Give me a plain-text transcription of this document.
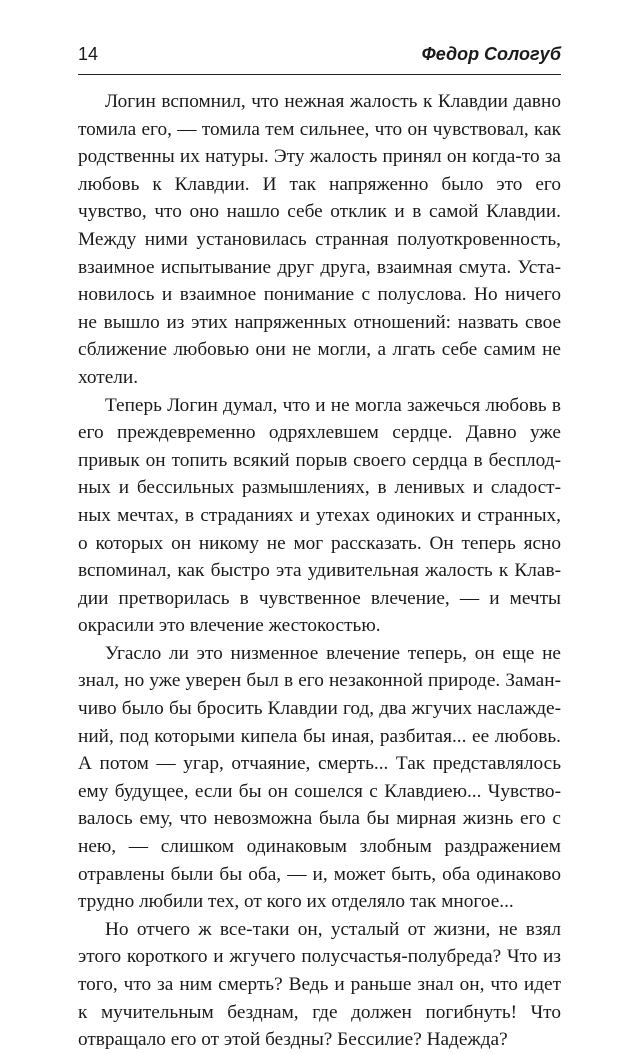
14	Федор Сологуб

Логин вспомнил, что нежная жалость к Клавдии давно томила его, — томила тем сильнее, что он чувствовал, как родственны их натуры. Эту жалость принял он когда-то за любовь к Клавдии. И так напряженно было это его чувство, что оно нашло себе отклик и в самой Клавдии. Между ними установилась странная полуоткровенность, взаимное испытывание друг друга, взаимная смута. Установилось и взаимное понимание с полуслова. Но ничего не вышло из этих напряженных отношений: назвать свое сближение любовью они не могли, а лгать себе самим не хотели.

Теперь Логин думал, что и не могла зажечься любовь в его преждевременно одряхлевшем сердце. Давно уже привык он топить всякий порыв своего сердца в бесплодных и бессильных размышлениях, в ленивых и сладостных мечтах, в страданиях и утехах одиноких и странных, о которых он никому не мог рассказать. Он теперь ясно вспоминал, как быстро эта удивительная жалость к Клавдии претворилась в чувственное влечение, — и мечты окрасили это влечение жестокостью.

Угасло ли это низменное влечение теперь, он еще не знал, но уже уверен был в его незаконной природе. Заманчиво было бы бросить Клавдии год, два жгучих наслаждений, под которыми кипела бы иная, разбитая... ее любовь. А потом — угар, отчаяние, смерть... Так представлялось ему будущее, если бы он сошелся с Клавдиею... Чувствовалось ему, что невозможна была бы мирная жизнь его с нею, — слишком одинаковым злобным раздражением отравлены были бы оба, — и, может быть, оба одинаково трудно любили тех, от кого их отделяло так многое...

Но отчего ж все-таки он, усталый от жизни, не взял этого короткого и жгучего полусчастья-полубреда? Что из того, что за ним смерть? Ведь и раньше знал он, что идет к мучительным безднам, где должен погибнуть! Что отвращало его от этой бездны? Бессилие? Надежда?
